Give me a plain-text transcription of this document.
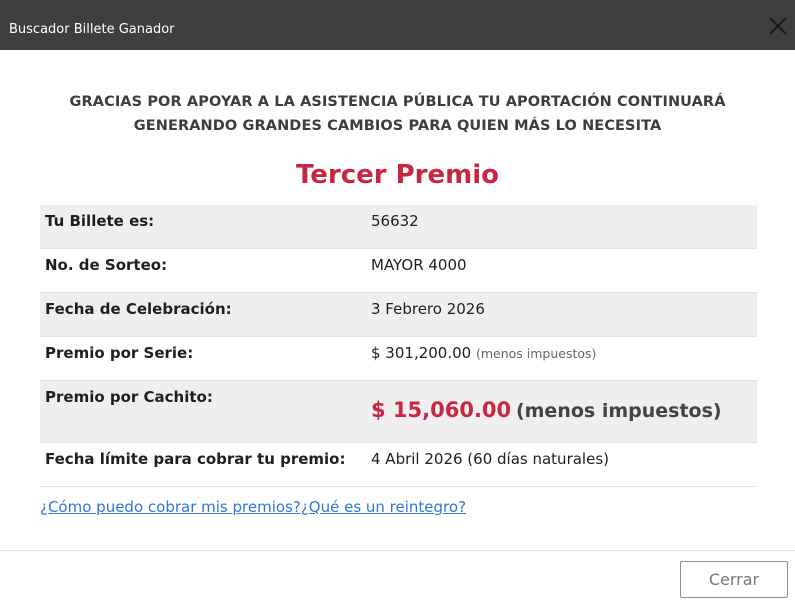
Buscador Billete Ganador
GRACIAS POR APOYAR A LA ASISTENCIA PÚBLICA TU APORTACIÓN CONTINUARÁ
GENERANDO GRANDES CAMBIOS PARA QUIEN MÁS LO NECESITA
Tercer Premio
Tu Billete es:	56632
No. de Sorteo:	MAYOR 4000
Fecha de Celebración:	3 Febrero 2026
Premio por Serie:	$ 301,200.00 (menos impuestos)
Premio por Cachito:
$ 15,060.00 (menos impuestos)
Fecha límite para cobrar tu premio: 4 Abril 2026 (60 días naturales)
¿Cómo puedo cobrar mis premios?¿Qué es un reintegro?
Cerrar
